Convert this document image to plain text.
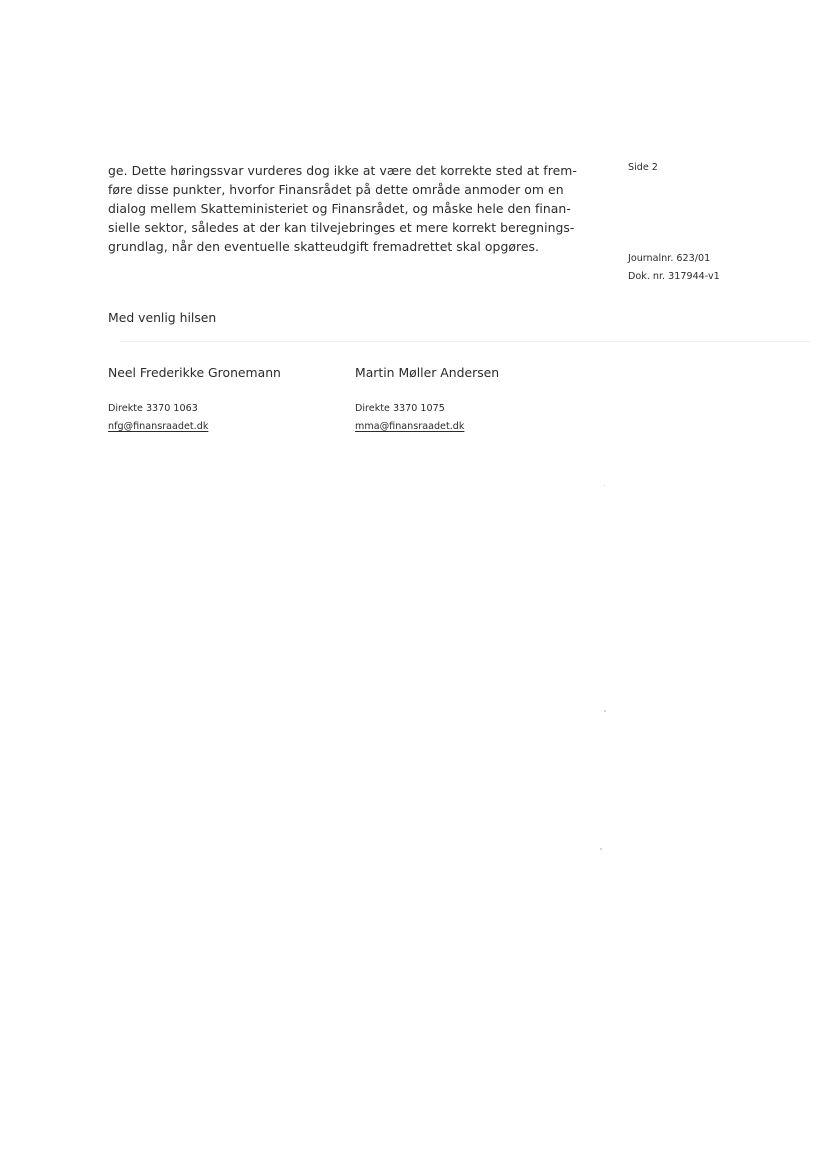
ge. Dette høringssvar vurderes dog ikke at være det korrekte sted at frem-
føre disse punkter, hvorfor Finansrådet på dette område anmoder om en
dialog mellem Skatteministeriet og Finansrådet, og måske hele den finan-
sielle sektor, således at der kan tilvejebringes et mere korrekt beregnings-
grundlag, når den eventuelle skatteudgift fremadrettet skal opgøres.
Side 2
Journalnr. 623/01
Dok. nr. 317944-v1
Med venlig hilsen
Neel Frederikke Gronemann
Direkte 3370 1063
nfg@finansraadet.dk
Martin Møller Andersen
Direkte 3370 1075
mma@finansraadet.dk
